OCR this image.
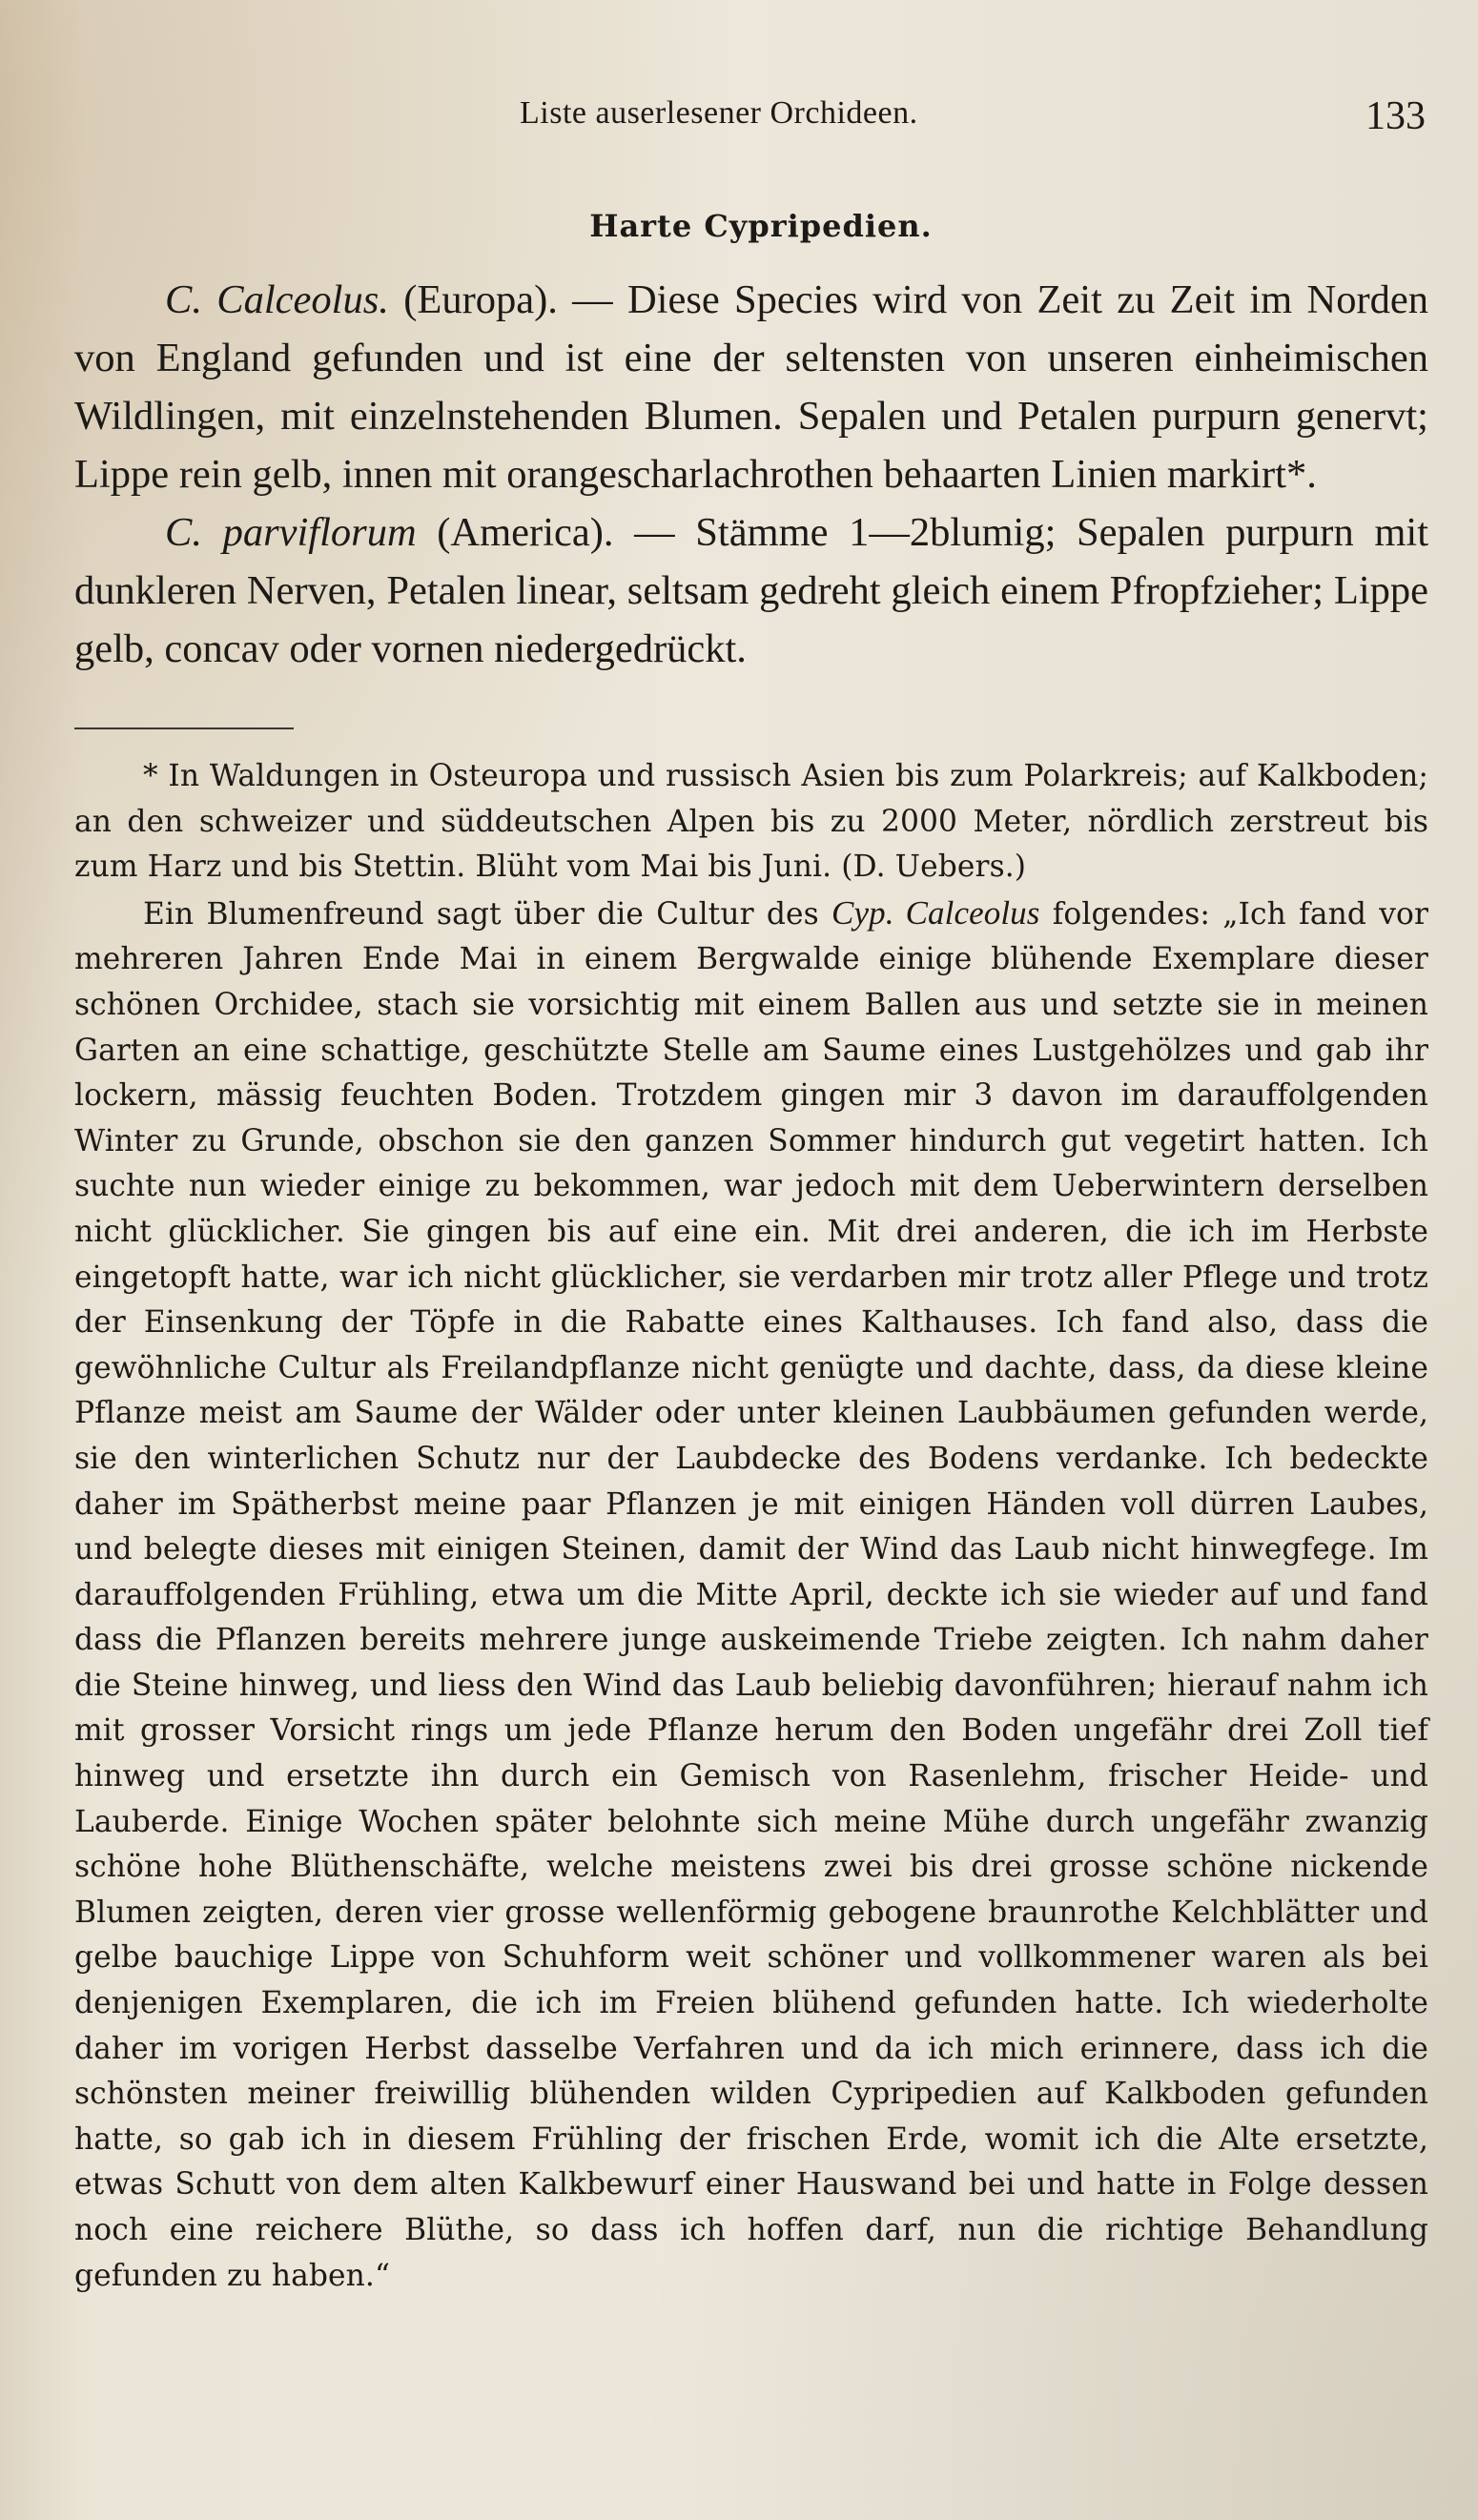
Liste auserlesener Orchideen.	133
Harte Cypripedien.

C. Calceolus. (Europa). — Diese Species wird von Zeit zu Zeit im Norden von England gefunden und ist eine der seltensten von unseren einheimischen Wildlingen, mit einzelnstehenden Blumen. Sepalen und Petalen purpurn genervt; Lippe rein gelb, innen mit orangescharlachrothen behaarten Linien markirt*.

C. parviflorum (America). — Stämme 1—2blumig; Sepalen purpurn mit dunkleren Nerven, Petalen linear, seltsam gedreht gleich einem Pfropfzieher; Lippe gelb, concav oder vornen niedergedrückt.

* In Waldungen in Osteuropa und russisch Asien bis zum Polarkreis; auf Kalkboden; an den schweizer und süddeutschen Alpen bis zu 2000 Meter, nördlich zerstreut bis zum Harz und bis Stettin. Blüht vom Mai bis Juni. (D. Uebers.)

Ein Blumenfreund sagt über die Cultur des Cyp. Calceolus folgendes: „Ich fand vor mehreren Jahren Ende Mai in einem Bergwalde einige blühende Exemplare dieser schönen Orchidee, stach sie vorsichtig mit einem Ballen aus und setzte sie in meinen Garten an eine schattige, geschützte Stelle am Saume eines Lustgehölzes und gab ihr lockern, mässig feuchten Boden. Trotzdem gingen mir 3 davon im darauffolgenden Winter zu Grunde, obschon sie den ganzen Sommer hindurch gut vegetirt hatten. Ich suchte nun wieder einige zu bekommen, war jedoch mit dem Ueberwintern derselben nicht glücklicher. Sie gingen bis auf eine ein. Mit drei anderen, die ich im Herbste eingetopft hatte, war ich nicht glücklicher, sie verdarben mir trotz aller Pflege und trotz der Einsenkung der Töpfe in die Rabatte eines Kalthauses. Ich fand also, dass die gewöhnliche Cultur als Freilandpflanze nicht genügte und dachte, dass, da diese kleine Pflanze meist am Saume der Wälder oder unter kleinen Laubbäumen gefunden werde, sie den winterlichen Schutz nur der Laubdecke des Bodens verdanke. Ich bedeckte daher im Spätherbst meine paar Pflanzen je mit einigen Händen voll dürren Laubes, und belegte dieses mit einigen Steinen, damit der Wind das Laub nicht hinwegfege. Im darauffolgenden Frühling, etwa um die Mitte April, deckte ich sie wieder auf und fand dass die Pflanzen bereits mehrere junge auskeimende Triebe zeigten. Ich nahm daher die Steine hinweg, und liess den Wind das Laub beliebig davonführen; hierauf nahm ich mit grosser Vorsicht rings um jede Pflanze herum den Boden ungefähr drei Zoll tief hinweg und ersetzte ihn durch ein Gemisch von Rasenlehm, frischer Heide- und Lauberde. Einige Wochen später belohnte sich meine Mühe durch ungefähr zwanzig schöne hohe Blüthenschäfte, welche meistens zwei bis drei grosse schöne nickende Blumen zeigten, deren vier grosse wellenförmig gebogene braunrothe Kelchblätter und gelbe bauchige Lippe von Schuhform weit schöner und vollkommener waren als bei denjenigen Exemplaren, die ich im Freien blühend gefunden hatte. Ich wiederholte daher im vorigen Herbst dasselbe Verfahren und da ich mich erinnere, dass ich die schönsten meiner freiwillig blühenden wilden Cypripedien auf Kalkboden gefunden hatte, so gab ich in diesem Frühling der frischen Erde, womit ich die Alte ersetzte, etwas Schutt von dem alten Kalkbewurf einer Hauswand bei und hatte in Folge dessen noch eine reichere Blüthe, so dass ich hoffen darf, nun die richtige Behandlung gefunden zu haben.“
